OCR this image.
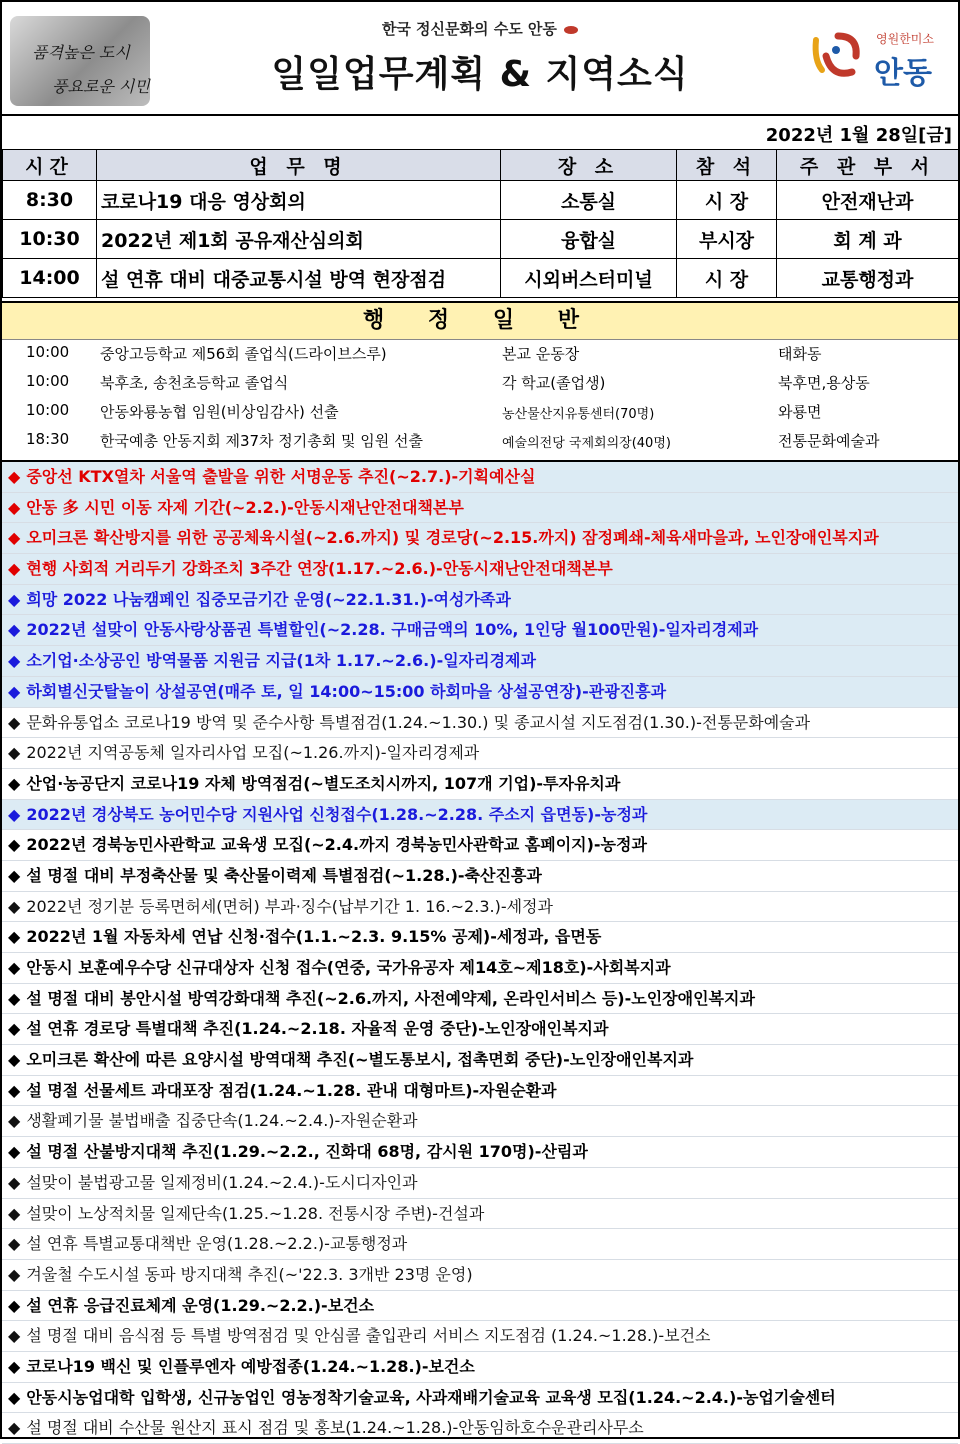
품격높은 도시
풍요로운 시민
한국 정신문화의 수도 안동
일일업무계획 & 지역소식
영원한미소
안동
2022년 1월 28일[금]
시간	업 무 명	장 소	참 석	주 관 부 서
8:30	코로나19 대응 영상회의	소통실	시 장	안전재난과
10:30	2022년 제1회 공유재산심의회	융합실	부시장	회 계 과
14:00	설 연휴 대비 대중교통시설 방역 현장점검	시외버스터미널	시 장	교통행정과
행 정 일 반
10:00 중앙고등학교 제56회 졸업식(드라이브스루)	본교 운동장	태화동
10:00 북후초, 송천초등학교 졸업식	각 학교(졸업생)	북후면,용상동
10:00 안동와룡농협 임원(비상임감사) 선출	농산물산지유통센터(70명)	와룡면
18:30 한국예총 안동지회 제37차 정기총회 및 임원 선출	예술의전당 국제회의장(40명)	전통문화예술과
◆ 중앙선 KTX열차 서울역 출발을 위한 서명운동 추진(~2.7.)-기획예산실
◆ 안동 多 시민 이동 자제 기간(~2.2.)-안동시재난안전대책본부
◆ 오미크론 확산방지를 위한 공공체육시설(~2.6.까지) 및 경로당(~2.15.까지) 잠정폐쇄-체육새마을과, 노인장애인복지과
◆ 현행 사회적 거리두기 강화조치 3주간 연장(1.17.~2.6.)-안동시재난안전대책본부
◆ 희망 2022 나눔캠페인 집중모금기간 운영(~22.1.31.)-여성가족과
◆ 2022년 설맞이 안동사랑상품권 특별할인(~2.28. 구매금액의 10%, 1인당 월100만원)-일자리경제과
◆ 소기업·소상공인 방역물품 지원금 지급(1차 1.17.~2.6.)-일자리경제과
◆ 하회별신굿탈놀이 상설공연(매주 토, 일 14:00~15:00 하회마을 상설공연장)-관광진흥과
◆ 문화유통업소 코로나19 방역 및 준수사항 특별점검(1.24.~1.30.) 및 종교시설 지도점검(1.30.)-전통문화예술과
◆ 2022년 지역공동체 일자리사업 모집(~1.26.까지)-일자리경제과
◆ 산업·농공단지 코로나19 자체 방역점검(~별도조치시까지, 107개 기업)-투자유치과
◆ 2022년 경상북도 농어민수당 지원사업 신청접수(1.28.~2.28. 주소지 읍면동)-농정과
◆ 2022년 경북농민사관학교 교육생 모집(~2.4.까지 경북농민사관학교 홈페이지)-농정과
◆ 설 명절 대비 부정축산물 및 축산물이력제 특별점검(~1.28.)-축산진흥과
◆ 2022년 정기분 등록면허세(면허) 부과·징수(납부기간 1. 16.~2.3.)-세정과
◆ 2022년 1월 자동차세 연납 신청·접수(1.1.~2.3. 9.15% 공제)-세정과, 읍면동
◆ 안동시 보훈예우수당 신규대상자 신청 접수(연중, 국가유공자 제14호~제18호)-사회복지과
◆ 설 명절 대비 봉안시설 방역강화대책 추진(~2.6.까지, 사전예약제, 온라인서비스 등)-노인장애인복지과
◆ 설 연휴 경로당 특별대책 추진(1.24.~2.18. 자율적 운영 중단)-노인장애인복지과
◆ 오미크론 확산에 따른 요양시설 방역대책 추진(~별도통보시, 접촉면회 중단)-노인장애인복지과
◆ 설 명절 선물세트 과대포장 점검(1.24.~1.28. 관내 대형마트)-자원순환과
◆ 생활폐기물 불법배출 집중단속(1.24.~2.4.)-자원순환과
◆ 설 명절 산불방지대책 추진(1.29.~2.2., 진화대 68명, 감시원 170명)-산림과
◆ 설맞이 불법광고물 일제정비(1.24.~2.4.)-도시디자인과
◆ 설맞이 노상적치물 일제단속(1.25.~1.28. 전통시장 주변)-건설과
◆ 설 연휴 특별교통대책반 운영(1.28.~2.2.)-교통행정과
◆ 겨울철 수도시설 동파 방지대책 추진(~'22.3. 3개반 23명 운영)
◆ 설 연휴 응급진료체계 운영(1.29.~2.2.)-보건소
◆ 설 명절 대비 음식점 등 특별 방역점검 및 안심콜 출입관리 서비스 지도점검 (1.24.~1.28.)-보건소
◆ 코로나19 백신 및 인플루엔자 예방접종(1.24.~1.28.)-보건소
◆ 안동시농업대학 입학생, 신규농업인 영농정착기술교육, 사과재배기술교육 교육생 모집(1.24.~2.4.)-농업기술센터
◆ 설 명절 대비 수산물 원산지 표시 점검 및 홍보(1.24.~1.28.)-안동임하호수운관리사무소
